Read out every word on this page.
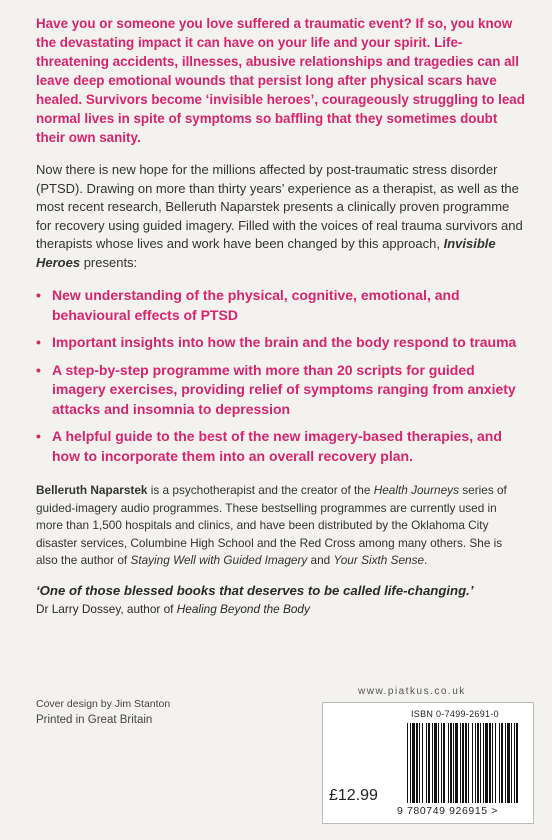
Have you or someone you love suffered a traumatic event? If so, you know the devastating impact it can have on your life and your spirit. Life-threatening accidents, illnesses, abusive relationships and tragedies can all leave deep emotional wounds that persist long after physical scars have healed. Survivors become ‘invisible heroes’, courageously struggling to lead normal lives in spite of symptoms so baffling that they sometimes doubt their own sanity.

Now there is new hope for the millions affected by post-traumatic stress disorder (PTSD). Drawing on more than thirty years’ experience as a therapist, as well as the most recent research, Belleruth Naparstek presents a clinically proven programme for recovery using guided imagery. Filled with the voices of real trauma survivors and therapists whose lives and work have been changed by this approach, Invisible Heroes presents:

• New understanding of the physical, cognitive, emotional, and behavioural effects of PTSD
• Important insights into how the brain and the body respond to trauma
• A step-by-step programme with more than 20 scripts for guided imagery exercises, providing relief of symptoms ranging from anxiety attacks and insomnia to depression
• A helpful guide to the best of the new imagery-based therapies, and how to incorporate them into an overall recovery plan.

Belleruth Naparstek is a psychotherapist and the creator of the Health Journeys series of guided-imagery audio programmes. These bestselling programmes are currently used in more than 1,500 hospitals and clinics, and have been distributed by the Oklahoma City disaster services, Columbine High School and the Red Cross among many others. She is also the author of Staying Well with Guided Imagery and Your Sixth Sense.

‘One of those blessed books that deserves to be called life-changing.’
Dr Larry Dossey, author of Healing Beyond the Body

Cover design by Jim Stanton
Printed in Great Britain
www.piatkus.co.uk
ISBN 0-7499-2691-0
£12.99
9 780749 926915 >
